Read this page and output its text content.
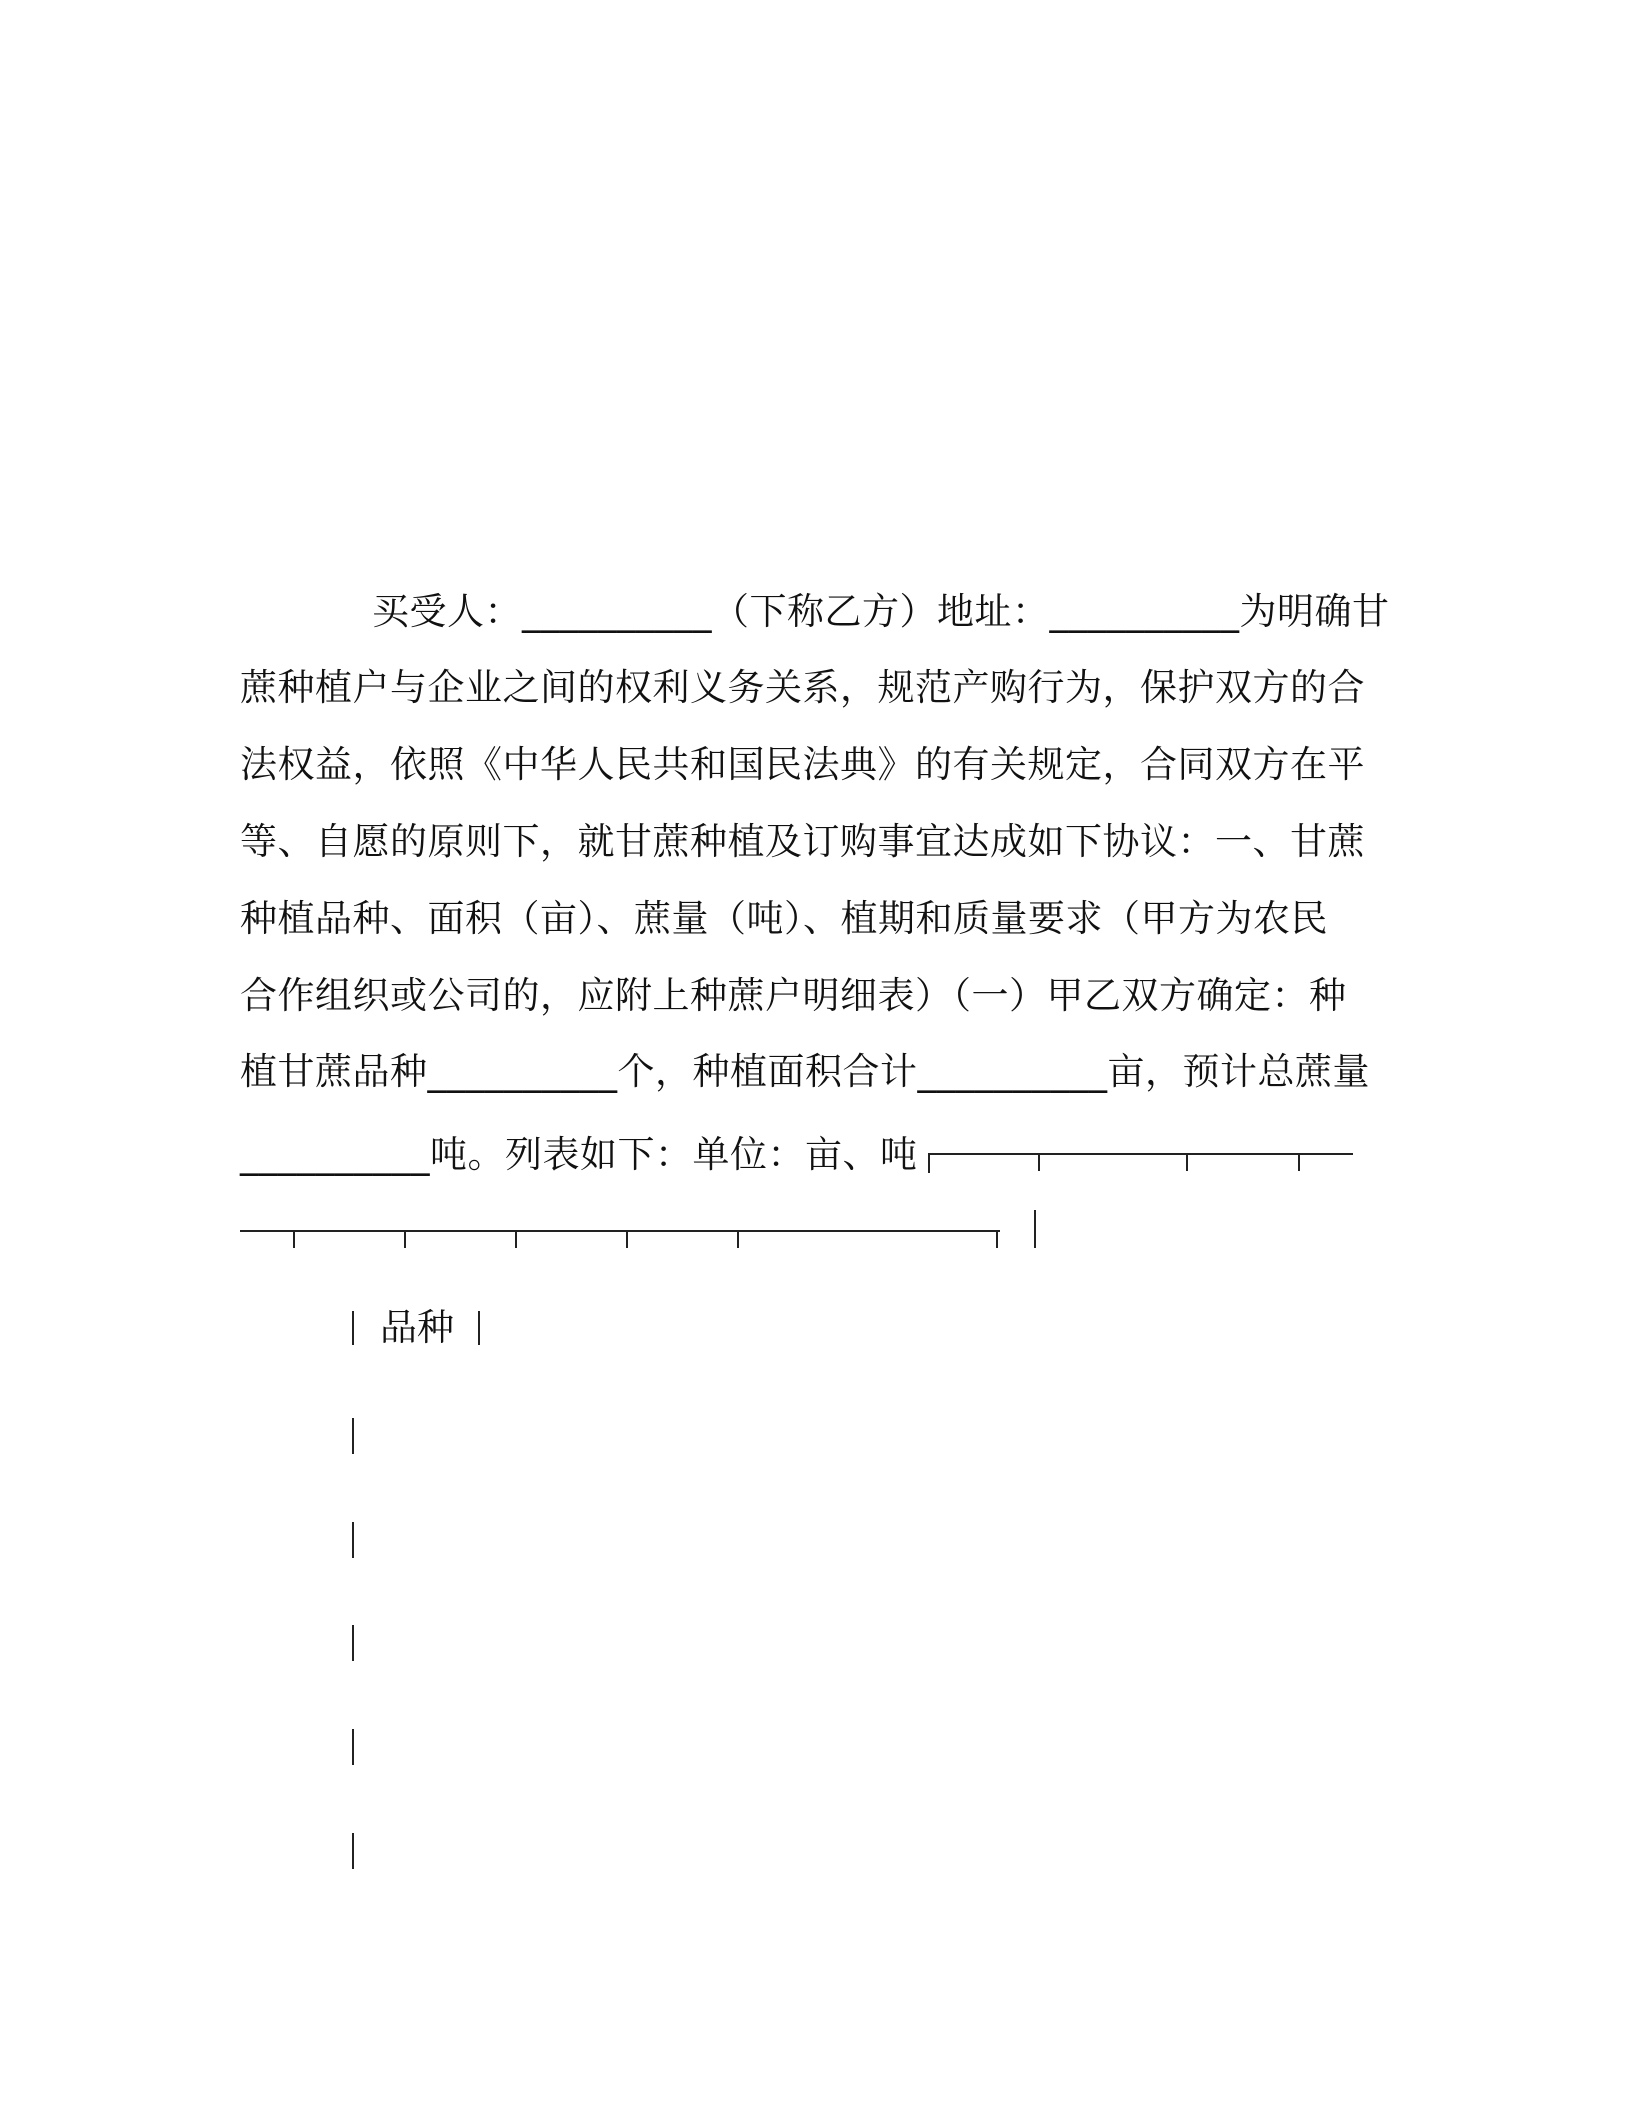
买受人：__________（下称乙方）地址：__________为明确甘
蔗种植户与企业之间的权利义务关系，规范产购行为，保护双方的合
法权益，依照《中华人民共和国民法典》的有关规定，合同双方在平
等、自愿的原则下，就甘蔗种植及订购事宜达成如下协议：一、甘蔗
种植品种、面积（亩）、蔗量（吨）、植期和质量要求（甲方为农民
合作组织或公司的，应附上种蔗户明细表）（一）甲乙双方确定：种
植甘蔗品种__________个，种植面积合计__________亩，预计总蔗量
__________吨。列表如下：单位：亩、吨
品种
